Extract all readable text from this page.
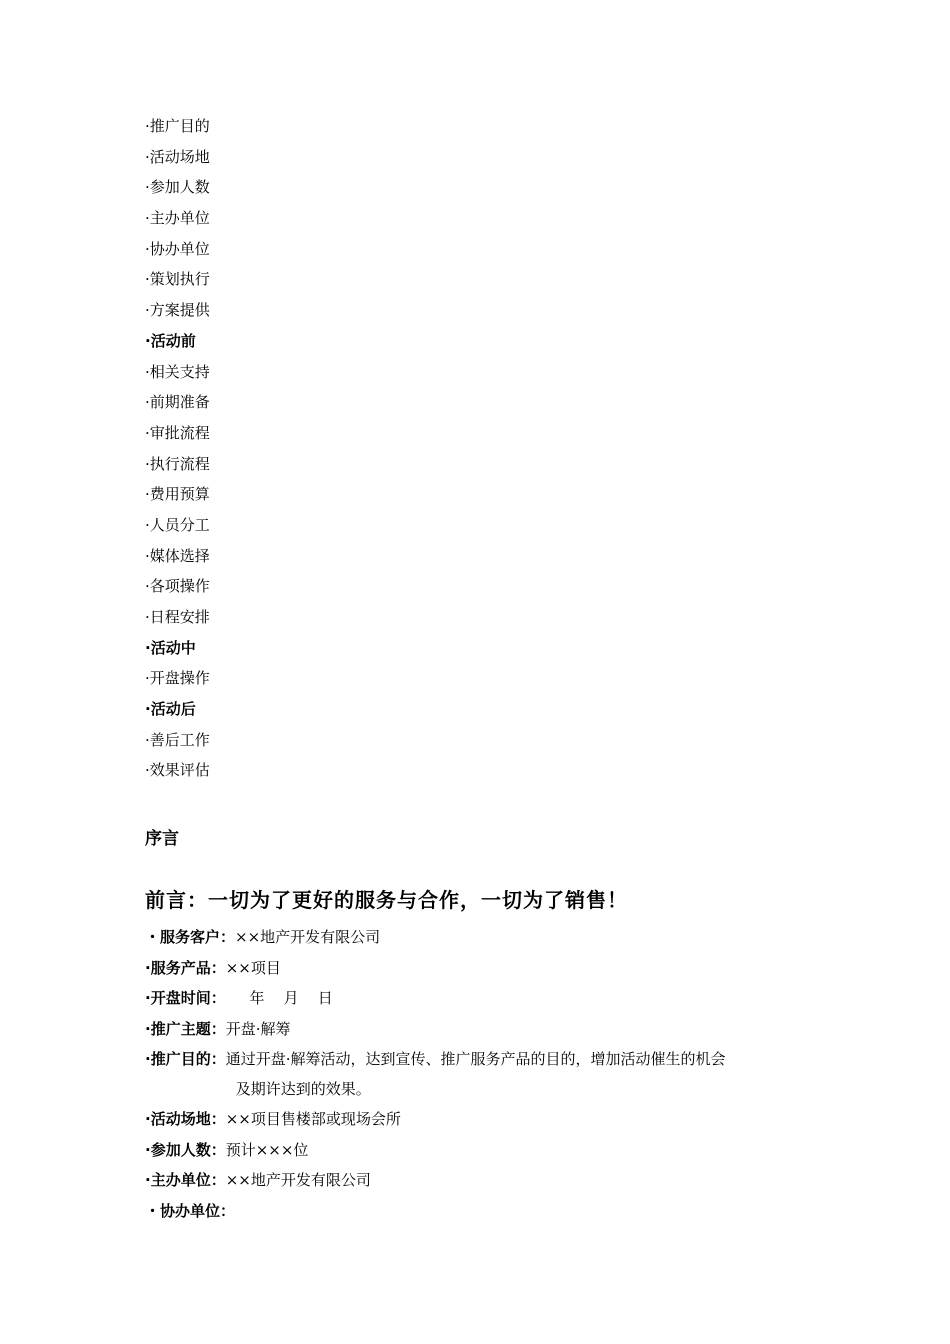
·推广目的
·活动场地
·参加人数
·主办单位
·协办单位
·策划执行
·方案提供
·活动前
·相关支持
·前期准备
·审批流程
·执行流程
·费用预算
·人员分工
·媒体选择
·各项操作
·日程安排
·活动中
·开盘操作
·活动后
·善后工作
·效果评估
序言
前言：一切为了更好的服务与合作，一切为了销售！
・服务客户： ××地产开发有限公司
·服务产品： ××项目
·开盘时间： 年    月    日
·推广主题： 开盘·解筹
·推广目的： 通过开盘·解筹活动，达到宣传、推广服务产品的目的，增加活动催生的机会
及期许达到的效果。
·活动场地： ××项目售楼部或现场会所
·参加人数： 预计×××位
·主办单位： ××地产开发有限公司
・协办单位：
